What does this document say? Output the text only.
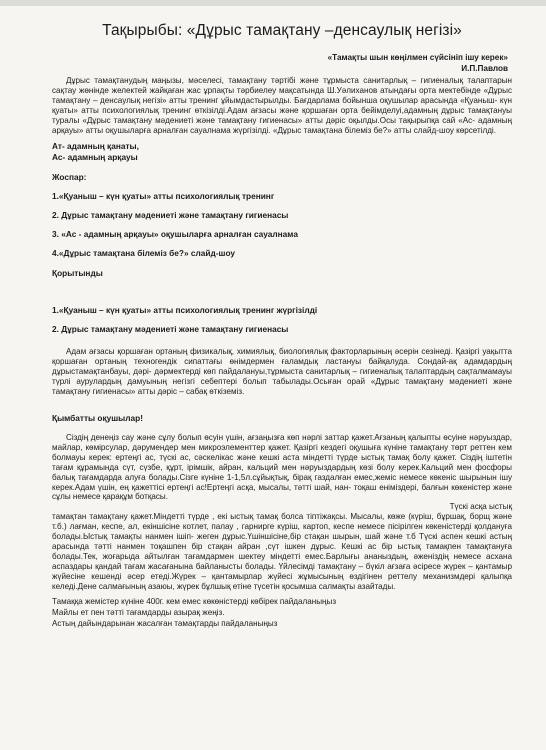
Тақырыбы: «Дұрыс тамақтану –денсаулық негізі»
«Тамақты шын көңілмен сүйсініп ішу керек»
И.П.Павлов

Дұрыс тамақтанудың маңызы, мәселесі, тамақтану тәртібі және тұрмыста санитарлық – гигиеналық талаптарын сақтау жөнінде желектей жайқаған жас ұрпақты тәрбиелеу мақсатында Ш.Уәлиханов атындағы орта мектебінде «Дұрыс тамақтану – денсаулық негізі» атты тренинг ұйымдастырылды. Бағдарлама бойынша оқушылар арасында «Қуаныш- күн қуаты» атты психологиялық тренинг өткізілді.Адам ағзасы және қоршаған орта бейімделуі,адамның дұрыс тамақтануы туралы «Дұрыс тамақтану мәдениеті және тамақтану гигиенасы» атты дәріс оқылды.Осы тақырыпқа сай «Ас- адамның арқауы» атты оқушыларға арналған сауалнама жүргізілді. «Дұрыс тамақтана білеміз бе?» атты слайд-шоу көрсетілді.

Ат- адамның қанаты,

Ас- адамның арқауы

Жоспар:

1.«Қуаныш – күн қуаты» атты психологиялық тренинг

2. Дұрыс тамақтану мәдениеті және тамақтану гигиенасы

3. «Ас - адамның арқауы» оқушыларға арналған сауалнама

4.«Дұрыс тамақтана білеміз бе?» слайд-шоу

Қорытынды

1.«Қуаныш – күн қуаты» атты психологиялық тренинг жүргізілді

2. Дұрыс тамақтану мәдениеті және тамақтану гигиенасы

Адам ағзасы қоршаған ортаның физикалық, химиялық, биологиялық факторларының әсерін сезінеді. Қазіргі уақытта қоршаған ортаның техногендік сипаттағы өнімдермен ғаламдық ластануы байқалуда. Сондай-ақ адамдардың дұрыстамақтанбауы, дәрі- дәрмектерді көп пайдалануы,тұрмыста санитарлық – гигиеналық талаптардың сақталмамауы түрлі аурулардың дамуының негізгі себептері болып табылады.Осыған орай «Дұрыс тамақтану мәдениеті және тамақтану гигиенасы» атты дәріс – сабақ өткіземіз.

Қымбатты оқушылар!

Сіздің денеңіз сау және сұлу болып өсуін үшін, ағзаңызға көп нәрлі заттар қажет.Ағзаның қалыпты өсуіне нәруыздар, майлар, көмірсулар, дәрумендер мен микроэлементтер қажет. Қазіргі кездегі оқушыға күніне тамақтану төрт реттен кем болмауы керек: ертеңгі ас, түскі ас, сәскелікас және кешкі аста міндетті түрде ыстық тамақ болу қажет. Сіздің іштетін тағам құрамында сүт, сүзбе, құрт, ірімшік, айран, кальций мен нәруыздардың көзі болу керек.Кальций мен фосфоры балық тағамдарда алуға болады.Сізге күніне 1-1,5л.сұйықтық, бірақ газдалған емес,жеміс немесе көкеніс шырынын ішу керек.Адам үшін, ең қажеттісі ертеңгі ас!Ертеңгі асқа, мысалы, тәтті шай, нан- тоқаш еніміздері, балғын көкеністер және сұлы немесе қарақұм ботқасы.

Түскі асқа ыстық

тамақтан тамақтану қажет.Міндетті түрде , екі ыстық тамақ болса тіптіжақсы. Мысалы, көже (күріш, бұршақ, борщ және т.б.) лағман, кеспе, ал, екіншісіне котлет, палау , гарнирге күріш, картоп, кеспе немесе пісірілген көкеністерді қолдануға болады.Ыстық тамақты нанмен ішіп- жеген дұрыс.Үшіншісіне,бір стақан шырын, шай және т.б Түскі аспен кешкі астың арасында тәтті нанмен тоқашпен бір стақан айран ,сүт ішкен дұрыс. Кешкі ас бір ыстық тамақпен тамақтануға болады.Тек, жоғарыда айтылған тағамдармен шектеу міндетті емес.Барлығы ананыздың, әженіздің немесе асхана аспаздары қандай тағам жасағанына байланысты болады. Үйлесімді тамақтану – бүкіл ағзаға әсіресе жүрек – қантамыр жүйесіне кешенді әсер етеді.Жүрек – қантамырлар жүйесі жұмысының өздігінен реттелу механизмдері қалыпқа келеді.Дене салмағының азаюы, жүрек бұлшық етіне түсетін қосымша салмақты азайтады.

Тамаққа жемістер күніне 400г. кем емес көкөністерді көбірек пайдаланыңыз

Майлы ет пен тәтті тағамдарды азырақ жеңіз.

Астың дайындарынан жасалған тамақтарды пайдаланыңыз
